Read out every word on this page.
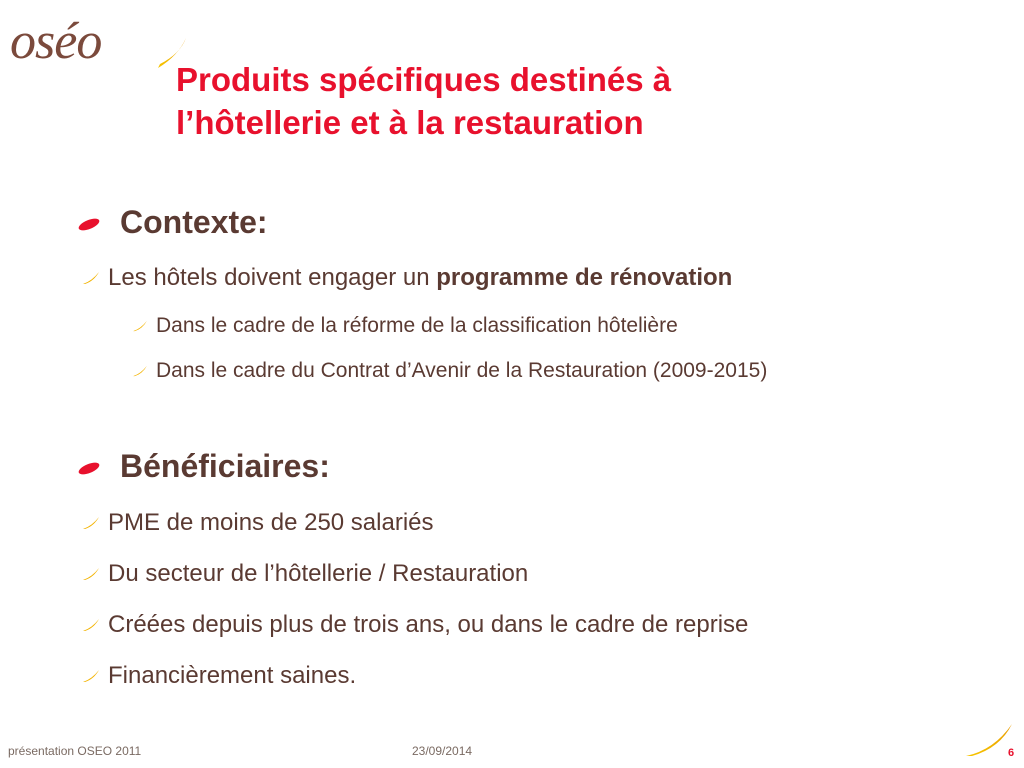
oséo
Produits spécifiques destinés à
l’hôtellerie et à la restauration
Contexte:

Les hôtels doivent engager un programme de rénovation

Dans le cadre de la réforme de la classification hôtelière

Dans le cadre du Contrat d’Avenir de la Restauration (2009-2015)

Bénéficiaires:

PME de moins de 250 salariés

Du secteur de l’hôtellerie / Restauration

Créées depuis plus de trois ans, ou dans le cadre de reprise

Financièrement saines.

présentation OSEO 2011	23/09/2014	6
